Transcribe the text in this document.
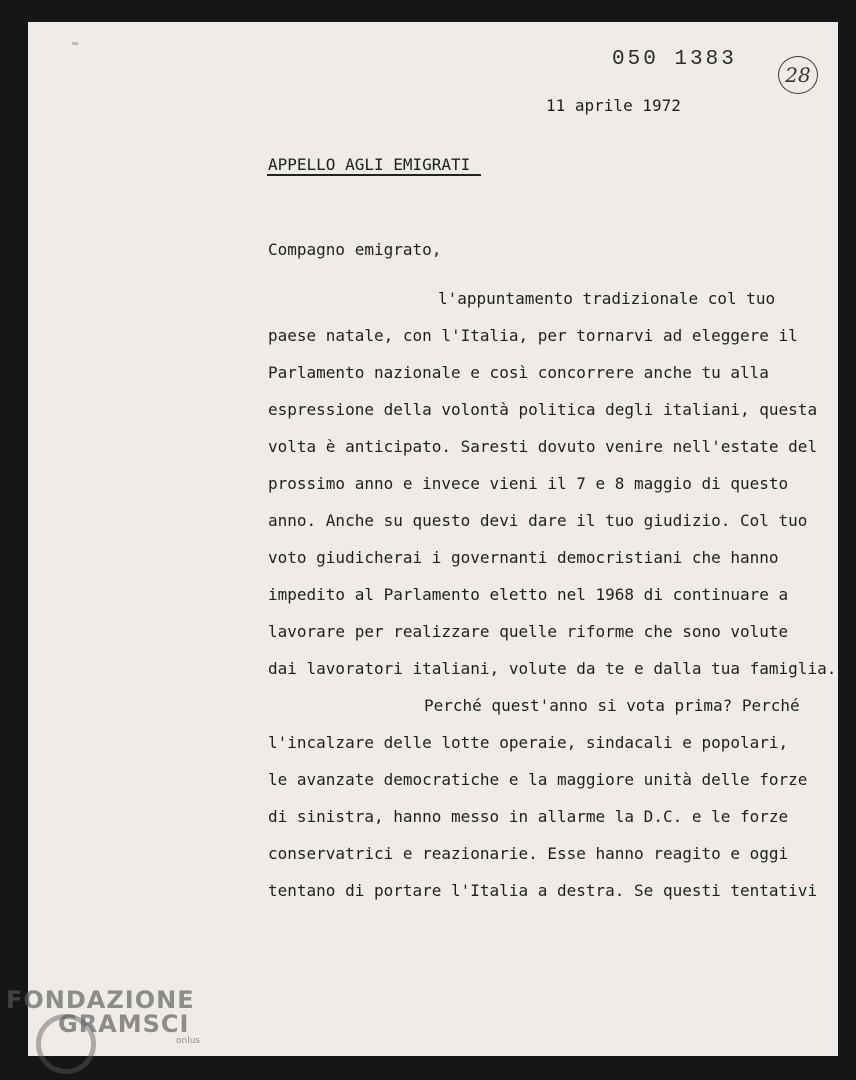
050 1383
28
11 aprile 1972
APPELLO AGLI EMIGRATI
Compagno emigrato,
l'appuntamento tradizionale col tuo
paese natale, con l'Italia, per tornarvi ad eleggere il
Parlamento nazionale e così concorrere anche tu alla
espressione della volontà politica degli italiani, questa
volta è anticipato. Saresti dovuto venire nell'estate del
prossimo anno e invece vieni il 7 e 8 maggio di questo
anno. Anche su questo devi dare il tuo giudizio. Col tuo
voto giudicherai i governanti democristiani che hanno
impedito al Parlamento eletto nel 1968 di continuare a
lavorare per realizzare quelle riforme che sono volute
dai lavoratori italiani, volute da te e dalla tua famiglia.
Perché quest'anno si vota prima? Perché
l'incalzare delle lotte operaie, sindacali e popolari,
le avanzate democratiche e la maggiore unità delle forze
di sinistra, hanno messo in allarme la D.C. e le forze
conservatrici e reazionarie. Esse hanno reagito e oggi
tentano di portare l'Italia a destra. Se questi tentativi
FONDAZIONE
GRAMSCI
onlus
